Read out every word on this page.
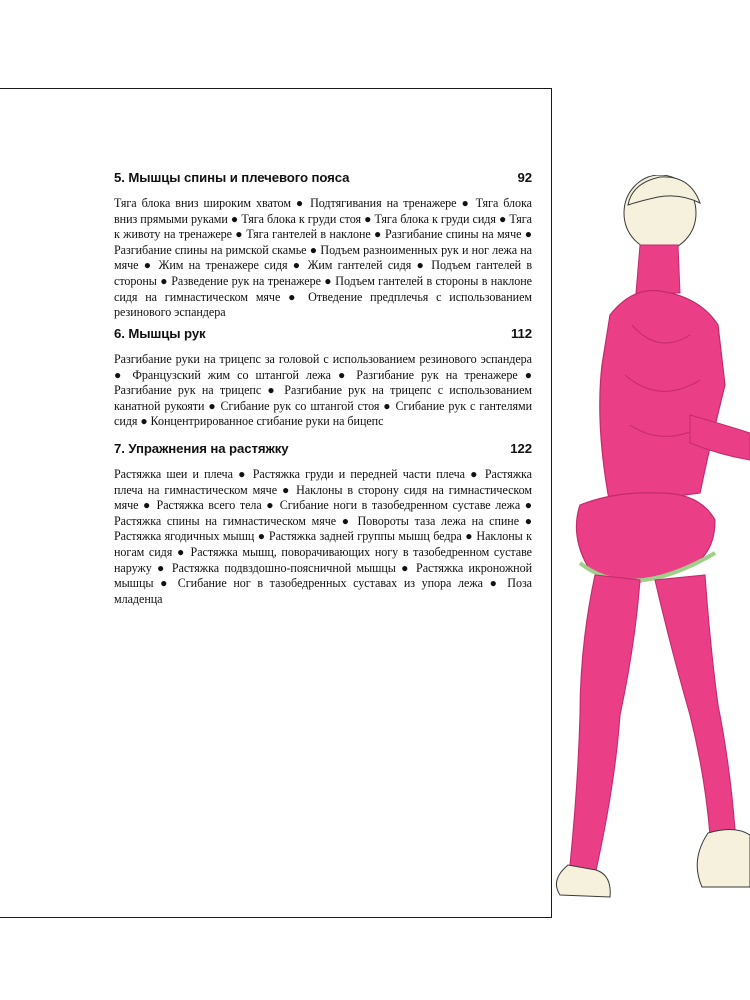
5. Мышцы спины и плечевого пояса	92
Тяга блока вниз широким хватом ● Подтягивания на тренажере ● Тяга блока вниз прямыми руками ● Тяга блока к груди стоя ● Тяга блока к груди сидя ● Тяга к животу на тренажере ● Тяга гантелей в наклоне ● Разгибание спины на мяче ● Разгибание спины на римской скамье ● Подъем разноименных рук и ног лежа на мяче ● Жим на тренажере сидя ● Жим гантелей сидя ● Подъем гантелей в стороны ● Разведение рук на тренажере ● Подъем гантелей в стороны в наклоне сидя на гимнастическом мяче ● Отведение предплечья с использованием резинового эспандера
6. Мышцы рук	112
Разгибание руки на трицепс за головой с использованием резинового эспандера ● Французский жим со штангой лежа ● Разгибание рук на тренажере ● Разгибание рук на трицепс ● Разгибание рук на трицепс с использованием канатной рукояти ● Сгибание рук со штангой стоя ● Сгибание рук с гантелями сидя ● Концентрированное сгибание руки на бицепс
7. Упражнения на растяжку	122
Растяжка шеи и плеча ● Растяжка груди и передней части плеча ● Растяжка плеча на гимнастическом мяче ● Наклоны в сторону сидя на гимнастическом мяче ● Растяжка всего тела ● Сгибание ноги в тазобедренном суставе лежа ● Растяжка спины на гимнастическом мяче ● Повороты таза лежа на спине ● Растяжка ягодичных мышц ● Растяжка задней группы мышц бедра ● Наклоны к ногам сидя ● Растяжка мышц, поворачивающих ногу в тазобедренном суставе наружу ● Растяжка подвздошно-поясничной мышцы ● Растяжка икроножной мышцы ● Сгибание ног в тазобедренных суставах из упора лежа ● Поза младенца
